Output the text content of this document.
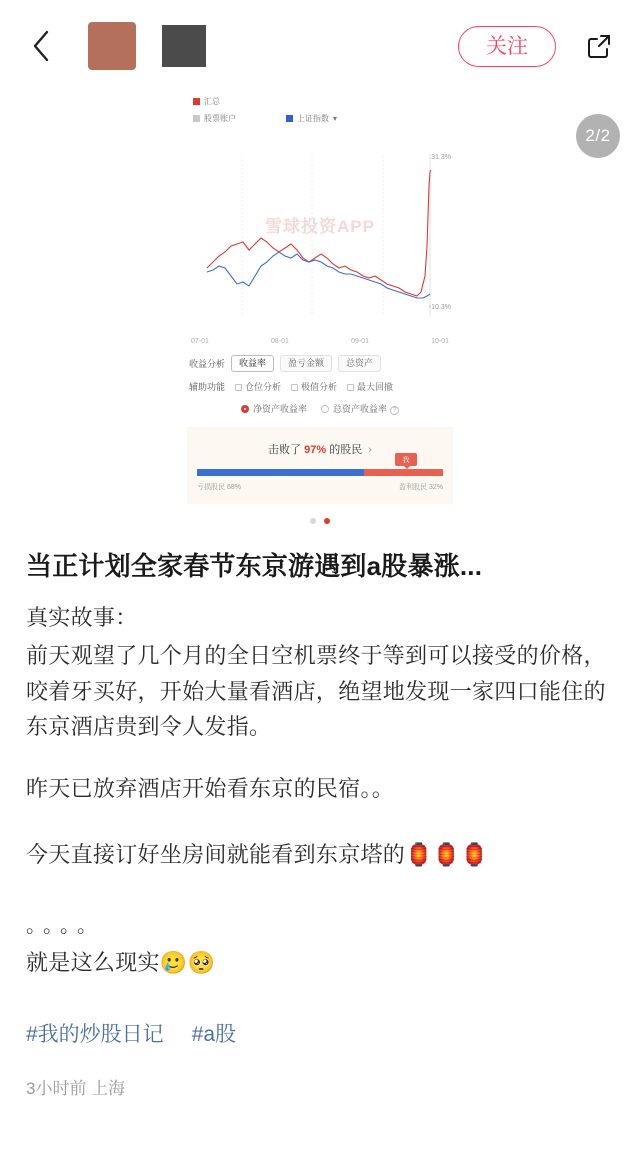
关注
2/2
汇总
股票账户	上证指数 ▾
雪球投资APP
31.3%
-10.3%
07-01	08-01	09-01	10-01
收益分析	收益率	盈亏金额	总资产
辅助功能	仓位分析	极值分析	最大回撤
净资产收益率	总资产收益率 ?
击败了 97% 的股民 ›
我
亏损股民 68%	盈利股民 32%
当正计划全家春节东京游遇到a股暴涨...

真实故事：

前天观望了几个月的全日空机票终于等到可以接受的价格，咬着牙买好，开始大量看酒店，绝望地发现一家四口能住的东京酒店贵到令人发指。

昨天已放弃酒店开始看东京的民宿。。

今天直接订好坐房间就能看到东京塔的🏮🏮🏮

。。。。

就是这么现实🥲🥺

#我的炒股日记 #a股
3小时前 上海
